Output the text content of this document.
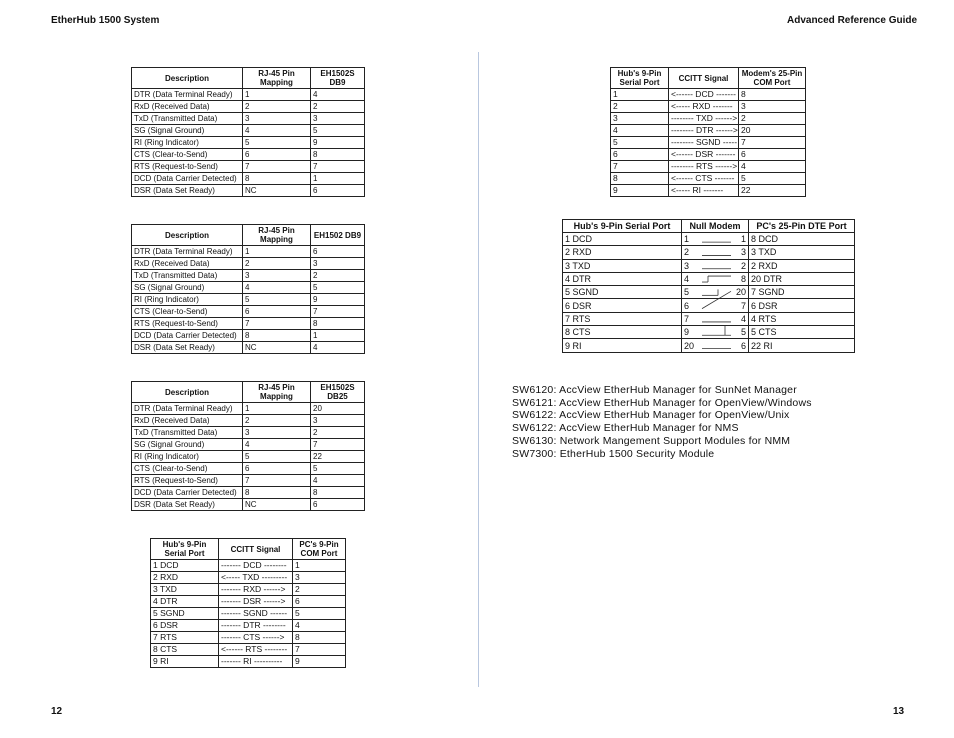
EtherHub 1500 System	Advanced Reference Guide
Description	RJ-45 Pin Mapping	EH1502S DB9
DTR (Data Terminal Ready)	1	4
RxD (Received Data)	2	2
TxD (Transmitted Data)	3	3
SG (Signal Ground)	4	5
RI (Ring Indicator)	5	9
CTS (Clear-to-Send)	6	8
RTS (Request-to-Send)	7	7
DCD (Data Carrier Detected)	8	1
DSR (Data Set Ready)	NC	6
Description	RJ-45 Pin Mapping	EH1502 DB9
DTR (Data Terminal Ready)	1	6
RxD (Received Data)	2	3
TxD (Transmitted Data)	3	2
SG (Signal Ground)	4	5
RI (Ring Indicator)	5	9
CTS (Clear-to-Send)	6	7
RTS (Request-to-Send)	7	8
DCD (Data Carrier Detected)	8	1
DSR (Data Set Ready)	NC	4
Description	RJ-45 Pin Mapping	EH1502S DB25
DTR (Data Terminal Ready)	1	20
RxD (Received Data)	2	3
TxD (Transmitted Data)	3	2
SG (Signal Ground)	4	7
RI (Ring Indicator)	5	22
CTS (Clear-to-Send)	6	5
RTS (Request-to-Send)	7	4
DCD (Data Carrier Detected)	8	8
DSR (Data Set Ready)	NC	6
Hub's 9-Pin Serial Port	CCITT Signal	PC's 9-Pin COM Port
1 DCD	------- DCD --------	1
2 RXD	<----- TXD ---------	3
3 TXD	------- RXD ------>	2
4 DTR	------- DSR ------>	6
5 SGND	------- SGND ------	5
6 DSR	------- DTR --------	4
7 RTS	------- CTS ------>	8
8 CTS	<------ RTS --------	7
9 RI	------- RI ----------	9
Hub's 9-Pin Serial Port	CCITT Signal	Modem's 25-Pin COM Port
1	<------ DCD -------	8
2	<----- RXD -------	3
3	-------- TXD ------>	2
4	-------- DTR ------>	20
5	-------- SGND -----	7
6	<------ DSR -------	6
7	-------- RTS ------>	4
8	<------ CTS -------	5
9	<----- RI -------	22
Hub's 9-Pin Serial Port	Null Modem		PC's 25-Pin DTE Port
1 DCD	1	1	8 DCD
2 RXD	2	3	3 TXD
3 TXD	3	2	2 RXD
4 DTR	4	8	20 DTR
5 SGND	5	20	7 SGND
6 DSR	6	7	6 DSR
7 RTS	7	4	4 RTS
8 CTS	9	5	5 CTS
9 RI	20	6	22 RI
SW6120: AccView EtherHub Manager for SunNet Manager
SW6121: AccView EtherHub Manager for OpenView/Windows
SW6122: AccView EtherHub Manager for OpenView/Unix
SW6122: AccView EtherHub Manager for NMS
SW6130: Network Mangement Support Modules for NMM
SW7300: EtherHub 1500 Security Module
12	13
